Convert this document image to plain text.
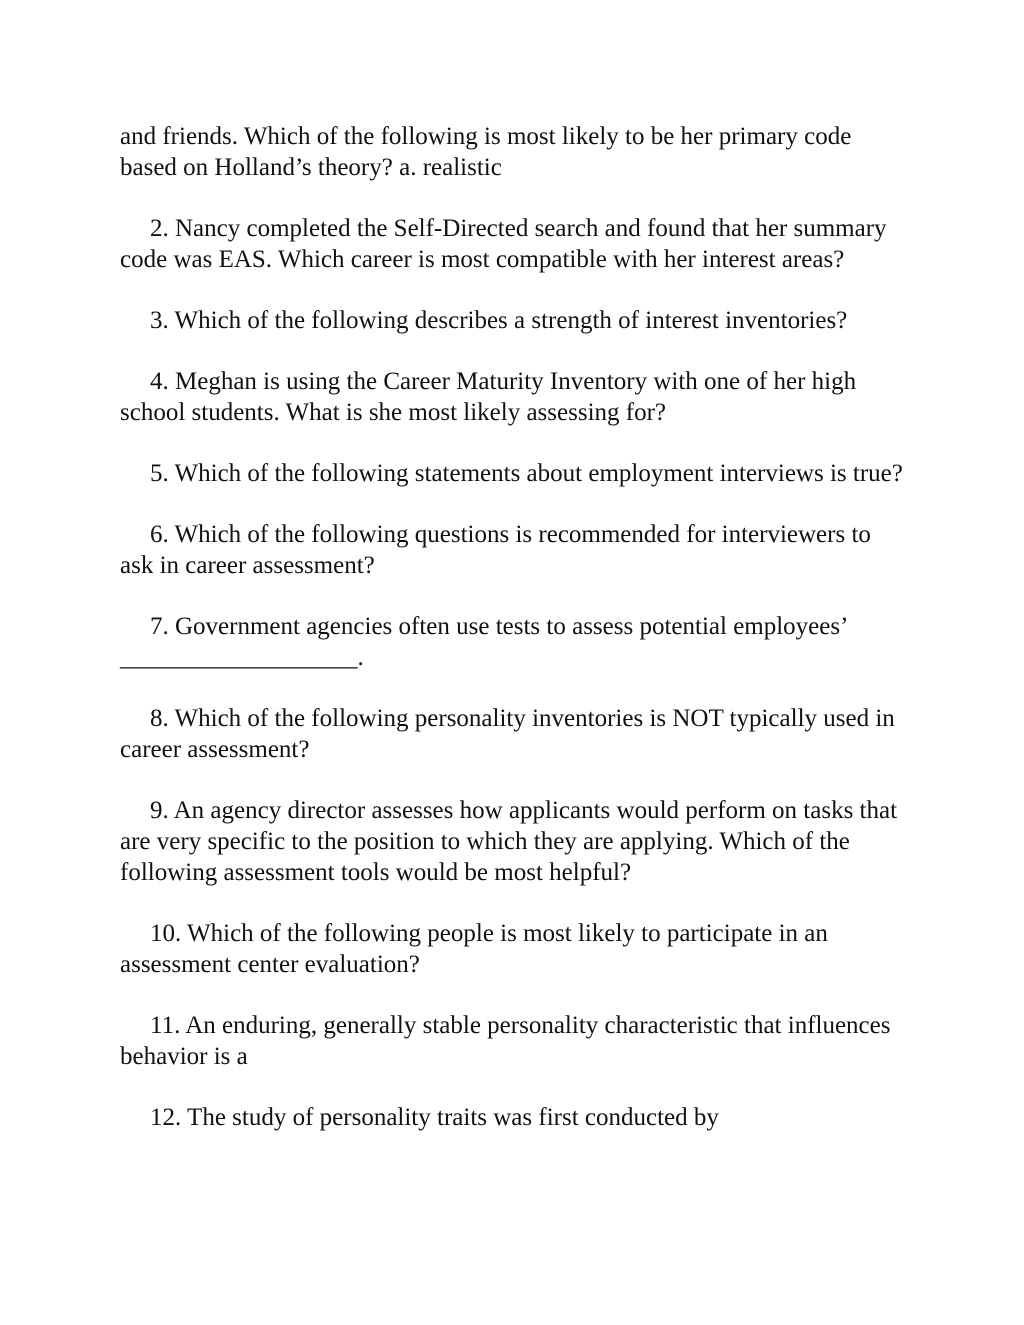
and friends. Which of the following is most likely to be her primary code based on Holland’s theory? a. realistic

2. Nancy completed the Self-Directed search and found that her summary code was EAS. Which career is most compatible with her interest areas?

3. Which of the following describes a strength of interest inventories?

4. Meghan is using the Career Maturity Inventory with one of her high school students. What is she most likely assessing for?

5. Which of the following statements about employment interviews is true?

6. Which of the following questions is recommended for interviewers to ask in career assessment?

7. Government agencies often use tests to assess potential employees’ ___________________.

8. Which of the following personality inventories is NOT typically used in career assessment?

9. An agency director assesses how applicants would perform on tasks that are very specific to the position to which they are applying. Which of the following assessment tools would be most helpful?

10. Which of the following people is most likely to participate in an assessment center evaluation?

11. An enduring, generally stable personality characteristic that influences behavior is a

12. The study of personality traits was first conducted by
